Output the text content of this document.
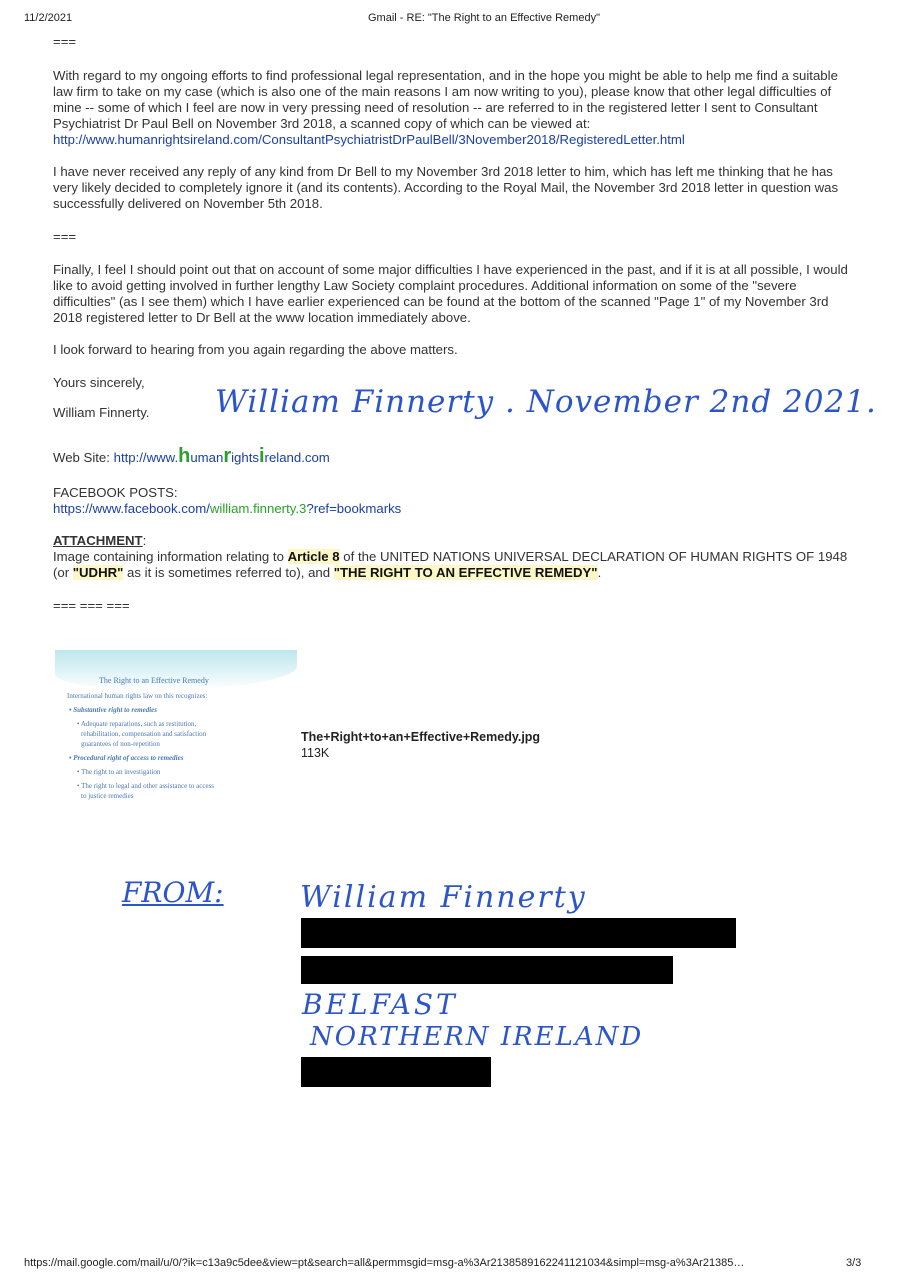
11/2/2021	Gmail - RE: "The Right to an Effective Remedy"
===

With regard to my ongoing efforts to find professional legal representation, and in the hope you might be able to help me find a suitable law firm to take on my case (which is also one of the main reasons I am now writing to you), please know that other legal difficulties of mine -- some of which I feel are now in very pressing need of resolution -- are referred to in the registered letter I sent to Consultant Psychiatrist Dr Paul Bell on November 3rd 2018, a scanned copy of which can be viewed at: http://www.humanrightsireland.com/ConsultantPsychiatristDrPaulBell/3November2018/RegisteredLetter.html

I have never received any reply of any kind from Dr Bell to my November 3rd 2018 letter to him, which has left me thinking that he has very likely decided to completely ignore it (and its contents). According to the Royal Mail, the November 3rd 2018 letter in question was successfully delivered on November 5th 2018.
===
Finally, I feel I should point out that on account of some major difficulties I have experienced in the past, and if it is at all possible, I would like to avoid getting involved in further lengthy Law Society complaint procedures. Additional information on some of the "severe difficulties" (as I see them) which I have earlier experienced can be found at the bottom of the scanned "Page 1" of my November 3rd 2018 registered letter to Dr Bell at the www location immediately above.
I look forward to hearing from you again regarding the above matters.
Yours sincerely,
William Finnerty.	William Finnerty . November 2nd 2021.
Web Site: http://www.humanrightsireland.com
FACEBOOK POSTS:
https://www.facebook.com/william.finnerty.3?ref=bookmarks
ATTACHMENT:
Image containing information relating to Article 8 of the UNITED NATIONS UNIVERSAL DECLARATION OF HUMAN RIGHTS OF 1948 (or "UDHR" as it is sometimes referred to), and "THE RIGHT TO AN EFFECTIVE REMEDY".
=== === ===
The Right to an Effective Remedy
International human rights law on this recognizes:
• Substantive right to remedies
• Adequate reparations, such as restitution,
rehabilitation, compensation and satisfaction
guarantees of non-repetition
• Procedural right of access to remedies
• The right to an investigation
• The right to legal and other assistance to access
to justice remedies
The+Right+to+an+Effective+Remedy.jpg
113K
FROM:	William Finnerty
BELFAST
NORTHERN IRELAND
https://mail.google.com/mail/u/0/?ik=c13a9c5dee&view=pt&search=all&permmsgid=msg-a%3Ar2138589162241121034&simpl=msg-a%3Ar21385…	3/3
